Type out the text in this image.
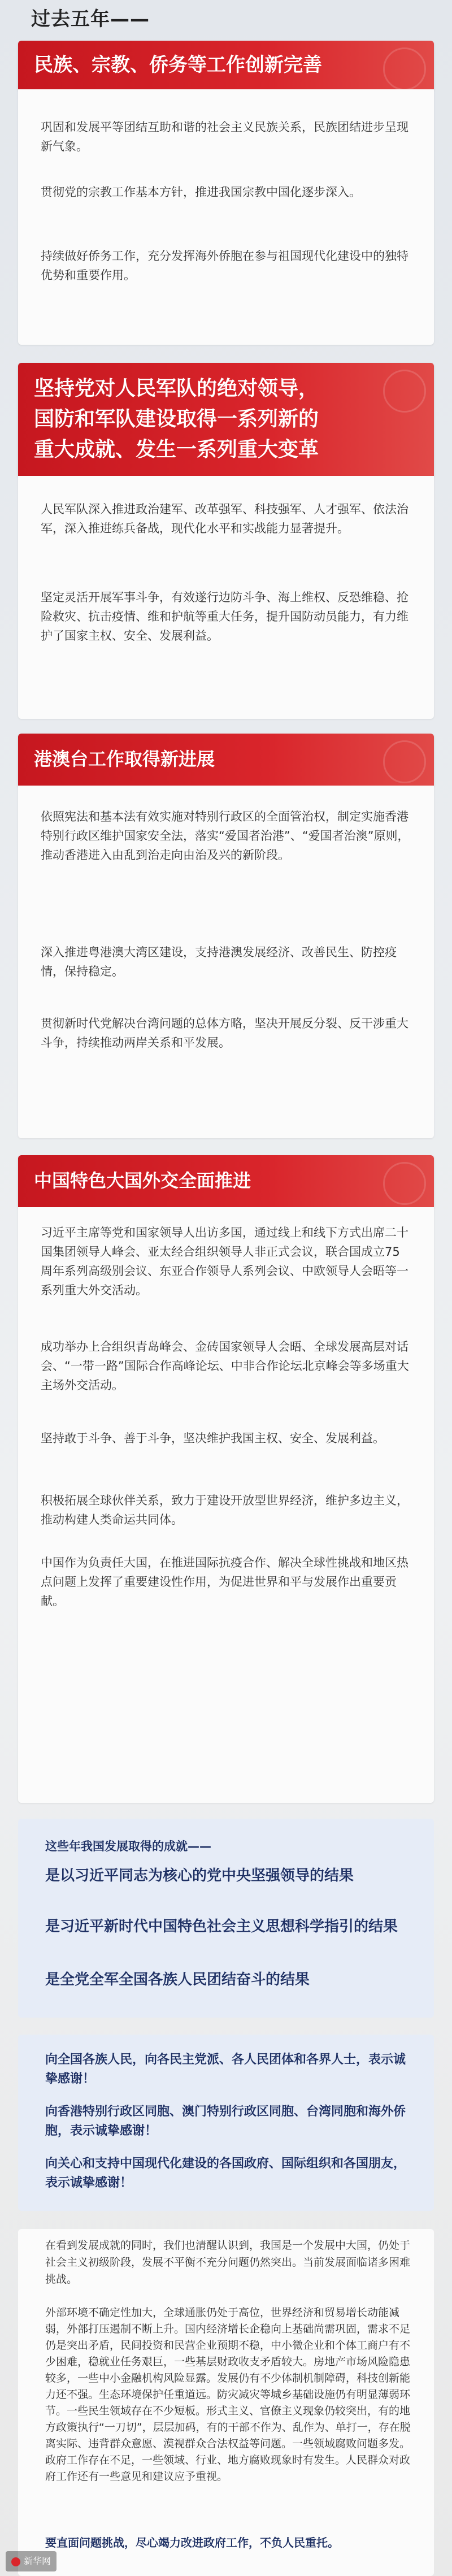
过去五年——
民族、宗教、侨务等工作创新完善

巩固和发展平等团结互助和谐的社会主义民族关系，民族团结进步呈现新气象。

贯彻党的宗教工作基本方针，推进我国宗教中国化逐步深入。

持续做好侨务工作，充分发挥海外侨胞在参与祖国现代化建设中的独特优势和重要作用。

坚持党对人民军队的绝对领导，
国防和军队建设取得一系列新的
重大成就、发生一系列重大变革

人民军队深入推进政治建军、改革强军、科技强军、人才强军、依法治军，深入推进练兵备战，现代化水平和实战能力显著提升。

坚定灵活开展军事斗争，有效遂行边防斗争、海上维权、反恐维稳、抢险救灾、抗击疫情、维和护航等重大任务，提升国防动员能力，有力维护了国家主权、安全、发展利益。

港澳台工作取得新进展

依照宪法和基本法有效实施对特别行政区的全面管治权，制定实施香港特别行政区维护国家安全法，落实“爱国者治港”、“爱国者治澳”原则，推动香港进入由乱到治走向由治及兴的新阶段。

深入推进粤港澳大湾区建设，支持港澳发展经济、改善民生、防控疫情，保持稳定。

贯彻新时代党解决台湾问题的总体方略，坚决开展反分裂、反干涉重大斗争，持续推动两岸关系和平发展。

中国特色大国外交全面推进

习近平主席等党和国家领导人出访多国，通过线上和线下方式出席二十国集团领导人峰会、亚太经合组织领导人非正式会议，联合国成立75周年系列高级别会议、东亚合作领导人系列会议、中欧领导人会晤等一系列重大外交活动。

成功举办上合组织青岛峰会、金砖国家领导人会晤、全球发展高层对话会、“一带一路”国际合作高峰论坛、中非合作论坛北京峰会等多场重大主场外交活动。

坚持敢于斗争、善于斗争，坚决维护我国主权、安全、发展利益。

积极拓展全球伙伴关系，致力于建设开放型世界经济，维护多边主义，推动构建人类命运共同体。

中国作为负责任大国，在推进国际抗疫合作、解决全球性挑战和地区热点问题上发挥了重要建设性作用，为促进世界和平与发展作出重要贡献。

这些年我国发展取得的成就——

是以习近平同志为核心的党中央坚强领导的结果

是习近平新时代中国特色社会主义思想科学指引的结果

是全党全军全国各族人民团结奋斗的结果

向全国各族人民，向各民主党派、各人民团体和各界人士，表示诚挚感谢！

向香港特别行政区同胞、澳门特别行政区同胞、台湾同胞和海外侨胞，表示诚挚感谢！

向关心和支持中国现代化建设的各国政府、国际组织和各国朋友，表示诚挚感谢！

在看到发展成就的同时，我们也清醒认识到，我国是一个发展中大国，仍处于社会主义初级阶段，发展不平衡不充分问题仍然突出。当前发展面临诸多困难挑战。

外部环境不确定性加大，全球通胀仍处于高位，世界经济和贸易增长动能减弱，外部打压遏制不断上升。国内经济增长企稳向上基础尚需巩固，需求不足仍是突出矛盾，民间投资和民营企业预期不稳，中小微企业和个体工商户有不少困难，稳就业任务艰巨，一些基层财政收支矛盾较大。房地产市场风险隐患较多，一些中小金融机构风险显露。发展仍有不少体制机制障碍，科技创新能力还不强。生态环境保护任重道远。防灾减灾等城乡基础设施仍有明显薄弱环节。一些民生领域存在不少短板。形式主义、官僚主义现象仍较突出，有的地方政策执行“一刀切”，层层加码，有的干部不作为、乱作为、单打一，存在脱离实际、违背群众意愿、漠视群众合法权益等问题。一些领域腐败问题多发。政府工作存在不足，一些领域、行业、地方腐败现象时有发生。人民群众对政府工作还有一些意见和建议应予重视。

要直面问题挑战，尽心竭力改进政府工作，不负人民重托。

新华网
